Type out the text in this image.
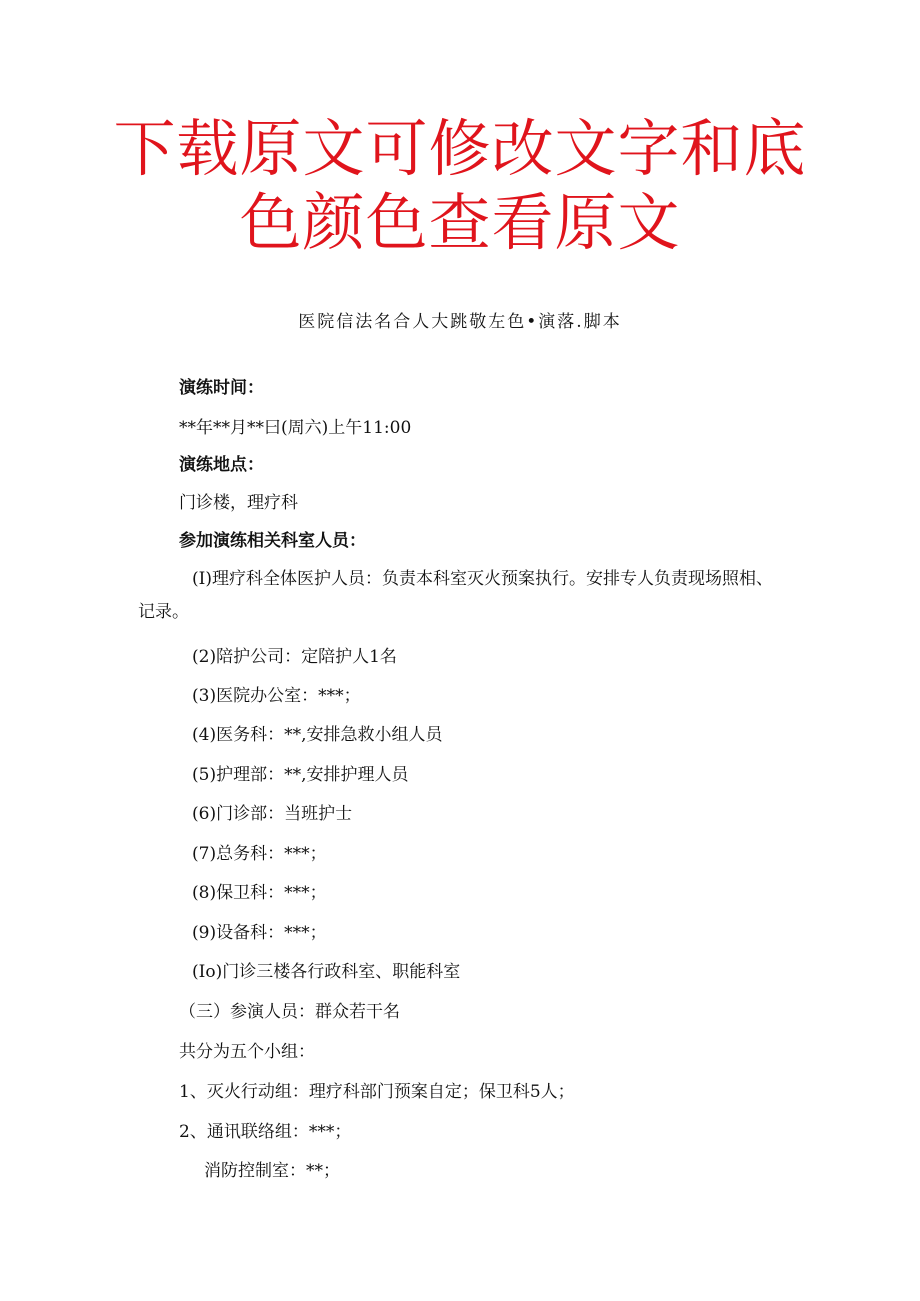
下载原文可修改文字和底
色颜色查看原文
医院信法名合人大跳敬左色•演落.脚本
演练时间：
**年**月**曰(周六)上午11:00
演练地点：
门诊楼，理疗科
参加演练相关科室人员：
(I)理疗科全体医护人员：负责本科室灭火预案执行。安排专人负责现场照相、记录。
(2)陪护公司：定陪护人1名
(3)医院办公室：***；
(4)医务科：**,安排急救小组人员
(5)护理部：**,安排护理人员
(6)门诊部：当班护士
(7)总务科：***；
(8)保卫科：***；
(9)设备科：***；
(Io)门诊三楼各行政科室、职能科室
（三）参演人员：群众若干名
共分为五个小组：
1、灭火行动组：理疗科部门预案自定；保卫科5人；
2、通讯联络组：***；
消防控制室：**；
